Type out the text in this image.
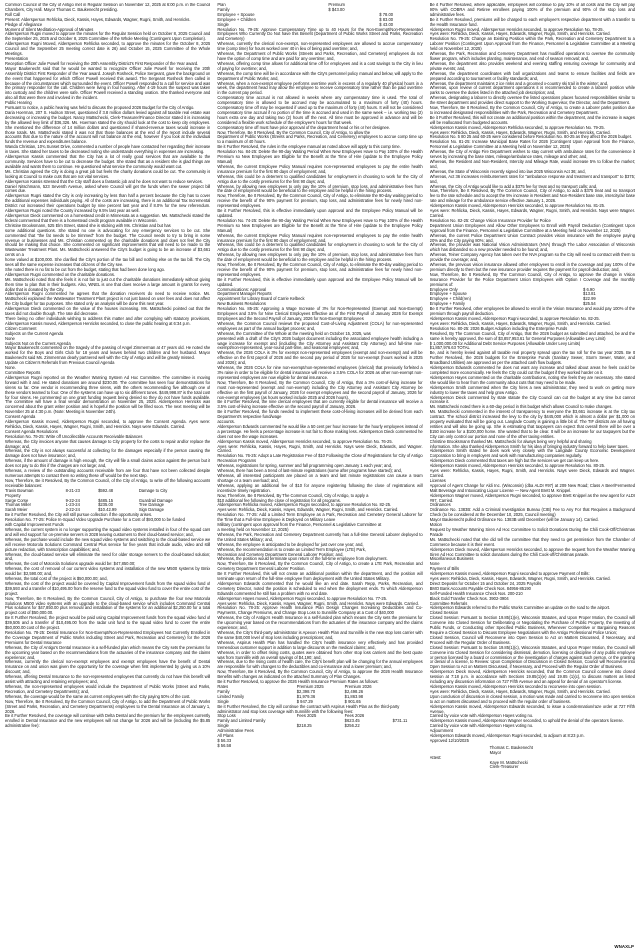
Common Council of the City of Antigo met in Regular Session on November 12, 2025 at 6:00 p.m. in the Council Chambers, City Hall. Mayor Thomas C. Baukenecht presiding.

Roll Call

Present: Aldersperson Rehlicka, Dieck, Kassis, Hayes, Edwards, Wagner, Rugni, Smith, and Henricks.

Pledge of Allegiance

Moment of Silent Meditation-Approval of Minutes

Aldersperson Rugni moved to approve the minutes for the Regular Session held on October 8, 2025 Council and the September 25, 2025 and October 8, 2025 Committee of the Whole Meeting (Contingent Upon Completion).

Aldersperson Rugni Moved, Aldersperson Rehlicka seconded, to approve the minutes for the October 8, 2025 Council and the September 25 meeting correct date is 26) and October 15, 2025 Committee of the Whole Meetings.

Presentation

Reception Officer Julie Powell for receiving the 20th Assembly District's First Responder of the Year award.

Mayor Baukenecht said that he would be wanted to recognize Officer Julie Powell for receiving the 20th Assembly District First Responder of the Year award. Joseph Rosheck, Police Sergeant, gave the background on the event that happened for which Officer Powell received this award. The Sergeant Rosheck then called in because of the circumstances which surrounded the event. Officer Powell responded to a call for service and was the primary responder for the call. Children were living in foul housing. After 4-19 hours the suspect was taken into custody and the children were safe. Officer Powell received a standing ovation. She thanked everyone and also all that were there and involved in the incident.

Public Hearing

Pursuant to notice, a public hearing was held to discuss the proposed 2026 Budget for the City of Antigo.

Daria Hoerman, 207 S. Hudson Street, questioned if 3.8 million dollars levied against all taxable real estate was decreasing or increasing the budget. Nancy Mattschecki, Clerk-Treasurer/Finance Director stated it is increasing by the allowed levy limit of $36,326. Ms. Hoerman stated the city should look at the cost to keep city employees. She mentioned the difference of 14 million dollars and questioned if shared-revenue taxes would increase in those totals. Ms. Mattschecki stated it was not that those balances at the end of the report include several accounts that due to the nature of the account will not balance at the end, however if you look at the individual funds the revenue and expenditures balance.

Wanda Christian, 10¾ Sunset Drive, commented a number of people have contacted her regarding their increase in taxes. She stated her taxes to be decreased noting she understands everything in expenses are increasing.

Aldersperson Kassis commented that the City has a lot of really good services that are available to the community. Services have to be cut to decrease the budget. She stated that as a resident she is glad things are available and wants them to continue. He questioned what service the community would want cut.

Ms. Christian agreed the City is doing a great job but feels the charity donations could be cut. The community is looking at Council to make cuts that are not vital services.

Aldersperson Kassis stressed that the City staff does a fantastic job and he does not want to reduce services.

Daniel Nitschmann, 523 Seventh Avenue, asked where Council will get the funds when the sewer project bill comes due.

Aldersperson Rugni stated the City is only increasing by less than half a percent because the City has to cover the additional expenses individuals paying. All of the costs are increasing, there is an additional Tax Incremental District not increased their operations budget by nine percent last year and if 8.0% for the new referendum. Aldersperson Rugni noted the County increased by 9.5% last year as well.

Aldersperson Dieck commented on a homestead credit in Minnesota as a suggestion. Ms. Mattschecki stated the federal commented that there is a homestead credit program available in Wisconsin.

Christine Brooksmann, 525 Elm Street, stated she is sticking with Ms. Christian and but has

some additional questions. She stated no one is advocating for any emergency services to be cut. She commented that "the fat needs to be trimmed" from the budget. The Council needs to try to bring in some revenue or businesses and Ms. Christian commented on the charitable donations and does not feel the City should be making that choice. She commented on significant improvements that will need to be made to the Wastewater Treatment Plant. Ms. Mattschecki answered the City's budget is going to be an increase of $3,661 cents on a

home valued at $100,000. She clarified the City's portion of the tax bill and nothing else on the tax bill. The City sees all the same expense increases that citizens of the City see.

She noted there is no fat to be cut from the budget, stating that had been done long ago.

Aldersperson Rugni commented on the charitable donations.

Ms. Mattschecki noted that she feels it is not fair to just cut the charitable donations immediately without giving them time to plan that in their budgets. Also, WNEL is one that does receive a large amount in grants for every dollar that is donated by the City.

Aldersperson Rugni commented he agrees that the donation receivers do need to receive notice. Ms. Mattschecki explained the Wastewater Treatment Plant project is not just based on user fees and does not affect the City budget for tax purposes. She stated only an analysis will be done this next year.

Aldersperson Dieck commented on the value of the houses increasing. Ms. Mattschecki pointed out that the taxes did not double though. The rate did decrease.

There being no other individuals wishing to address this matter and after complying with statutory provisions, Aldersperson Kassis moved, Aldersperson Henricks seconded, to close the public hearing at 6:34 p.m.

Citizen Comment

Subjects on the Current Agenda

None

Subjects Not on the Current Agenda

Mayor Baukenecht commented on the tragedy of the passing of Angel Zimmerman at 47 years old. He noted she worked for the Boys and Girls Club for 18 years and leaves behind two children and her husband. Mayor Baukenecht said Ms. Zimmerman dearly partnered well with the City of Antigo and will be greatly missed.

Update on Citizen's Referrals from Previous Council Agenda

None.

Committee Reports

Aldersperson Rugni reported on the Weather Warning System Ad Hoc Committee. The committee is moving forward with it and. He stated donations are around $230.00. The committee has seen four demonstrations for sirens so far. One vendor is recommending three sirens, with the others recommending five although one of these vendors teamed to four. One of the systems can have up to six different tones. $449,998.87 is the total cost for four sirens. He commented on one grant funding request being denied so they do not have funds available. The committee will have a final vendor demonstration on November 25, 2025. Aldersperson Henricks was concerned about the grant writer position and is hopeful the position will be filled soon. The next meeting will be November 25 at 4:30 p.m. (Note: Meeting is November 24th).

Consent Agenda

Aldersperson Kassis moved, Aldersperson Rugni seconded, to approve the Consent Agenda. Ayes were: Rehlicka, Dieck, Kassis, Hayes, Wagner, Rugni, Smith, and Henricks. Nays were Edwards. Carried.

Consent Agenda Resolutions

Resolution No. 79-25: Write off Uncollectible Accounts Receivable Balances

Whereas, the City invoices anyone that causes damage to City property for the costs to repair and/or replace the damage; and,

Whereas, the City is not always successful at collecting for the damages especially if the person causing the damage does not have insurance; and,

Whereas, if the amount of damage is high enough, the City will file a small claims action against the person but it does not pay to do this if the charges are not large; and,

Whereas, a review of the outstanding accounts receivable from are four that have not been collected despite numerous attempts to contact them so writing these off would be the next step.

Now, Therefore, Be it Resolved, By the Common Council, of the City of Antigo, to write off the following accounts receivable balances:

Travis Bowman	8-21-23	$592.48	Damage to City
Property			
Sarge Corse	9-22-24	$485.15	Guardrail Damage
Thomas Miller	1-23-24	$235.00	Tree Damage
Sarah Meier	2-22-24	$10.42.99	Sign Damage

Be it Further Resolved, the City will still pursue collection if the opportunity arises.

Resolution No. 77-25: Police In-Squad Video Upgrade Purchase for a Cost of $93,000 to be funded

with Capital Improvement Funds

Whereas, the current system is no longer supporting the squad video systems installed in four of the squad cars and will end support for on-premise servers in 2028 leaving customers to their cloud-based service; and,

Whereas, the purchase would include the new squad video systems and switching to the cloud-based service we will receive Motorola Solutions Command Central Plus service for five years that include audio, video and still picture redaction, with transcription capabilities; and,

Whereas, the cloud-based service will eliminate the need for older storage servers to the cloud-based solution; and,

Whereas, the cost of Motorola Solutions upgrade would be: $47,850.00;

Whereas, the cost of removal of our current video systems and installation of the new M500 systems by Bmix would be: $2,590.00; and,

Whereas, the total cost of the project is $50,000.00; and,

Whereas, the cost of the project would be covered by Capital Improvement funds from the squad video fund of $39,593 and a transfer of $10,495.00 from the reserve fund to the squad video fund to cover the entire cost of the project.

Now, Therefore, Be It Resolved, By the Common Council, City of Antigo, to purchase the four new Motorola Solutions M500 video systems with an upgrade to the cloud-based service which includes Command Central Plus solutions for $47,850.00 plus removal and installation of the systems for an additional $2,250.00 for a total project cost of $50,000.00.

Be It Further Resolved, the project would be paid using Capital Improvement funds from the squad video fund of $39,505 and a transfer of $10,495.00 from the radar unit fund to the squad video fund to cover the entire $50,000.00 cost of the project.

Resolution No. 78-25: Dental Insurance for Non-Exempt/Non-Represented Employees Not Currently Enrolled in the Coverage Department of Public Works including Street and Park, Recreation and Cemetery) for the 2026 Premiums for Dental Insurance

Whereas, the City of Antigo's Dental Insurance is a self-funded plan which means the City sets the premiums for the upcoming year based on the recommendations from the actuaries of the insurance company and the claims experience; and,

Whereas, currently the clerical non-exempt employees and exempt employees have the benefit of Dental Insurance on and union was given the opportunity for the coverage when first implemented by giving us a 10% discount; and,

Whereas, offering Dental Insurance to the non-represented employees that currently do not have this benefit will assist with attracting and retaining employees; and,

Whereas, the non-represented employees would include the Department of Public Works (Street and Parks, Recreation, and Cemetery Departments); and,

Whereas, the coverage would be the same as current employees with the City paying 50% of the cost.

Now, Therefore, Be It Resolved, By the Common Council, City of Antigo, to add the Department of Public Works (Street and Parks, Recreation, and Cemetery Departments) employees to the Dental Insurance as of January 1, 2026.

Be it Further Resolved, the coverage will continue with Delta Dental and the premium for the employees currently enrolled in Dental Insurance and the new employees will not change for 2026 and will be (including the $5.85 administrative fee):

Plan	Premium	
Family	$ $43.00	
Employee + Spouse		$ 78.00
Employee + Children		$ 83.00
Single		$ 43.00

Resolution No. 79-25: Approve Compensatory Time up to 40 Hours for the Non-Exempt/Non-Represented Employees Who Currently Do Not have this Benefit (Department of Public Works Street and Parks, Recreation and Cemetery)

Whereas, currently the clerical non-exempt, non-represented employees are allowed to accrue compensatory time (comp time) for hours worked over 40 in lieu of being paid overtime; and,

Whereas, the Department of Public Works (Streets and Parks, Recreation, and Cemetery) employees do not have the option of comp time and are paid for any overtime; and,

Whereas, offering comp time allows for additional time off for employees and is a cost savings to the City in lieu of paying for overtime; and,

Whereas, the comp time will be in accordance with the City's personnel policy manual and below, will apply to the Department of Public Works; and,

Whereas, when a non-exempt employee performs overtime work in excess of a regularly 40 physical hours in a week, the department head may allow the employee to receive compensatory time rather than be paid overtime in the current pay period.

Compensatory time accrual is not allowed in weeks where any compensatory time is used. The total of compensatory time is allowed to be accrued may be accumulated to a maximum of forty (40) hours. Compensatory time off may be requested if used up to the maximum of forty (40) hours. It will not be considered compensatory time accrual if no portion of the time is accrued and used in the same week – i.e. working two (2) hours extra one day and taking two (2) hours off the next. All time must be approved in advance and will be considered a flexible work schedule of the employee's hours for that week.

Compensatory time off must have prior approval of the department head or his or her designee.

Now, Therefore, Be It Resolved, By the Common Council, City of Antigo, to allow the

Department of Public Works (Streets and Parks, Recreation, and Cemetery) employees to accrue comp time up to a maximum of 40 hours.

Be it Further Resolved, the rules in the employee manual as noted above will apply to this comp time.

Resolution No. 84-25: Delete the 90-day Waiting Period When New Employees Have to Pay 100% of the Health Premium so New Employees are Eligible for the Benefit at the Time of Hire (update to the Employee Policy Manual)

Whereas, the current Employee Policy Manual requires non-represented employees to pay the entire health insurance premium for the first 90 days of employment; and,

Whereas, this could be a deterrent to qualified candidates for employment in choosing to work for the City of Antigo due to the costly premiums for the first 90 days; and,

Whereas, by allowing new employees to only pay the 10% of premium, stop loss, and administrative fees from the date of employment would be beneficial to the employee and be helpful in the hiring process.

Now, Therefore, Be It Resolved, By the Common Council, City of Antigo, to eliminate the 90-day waiting period to receive the benefit of the 90% payment for premium, stop loss, and administrative fees for newly hired non-represented employees.

Be it Further Resolved, this is effective immediately upon approval and the Employee Policy Manual will be updated.

Resolution No. 74-25: Delete the 90-day Waiting Period When New Employees Have to Pay 100% of the Health Premium so New Employees are Eligible for the Benefit at the Time of Hire (update to the Employee Policy Manual)

Whereas, the current Employee Policy Manual requires non-represented employees to pay the entire health insurance premium for the first 90 days of employment; and,

Whereas, this could be a deterrent to qualified candidates for employment in choosing to work for the City of Antigo due to the costly premiums for the first 90 days; and,

Whereas, by allowing new employees to only pay the 10% of premium, stop loss, and administrative fees from the date of employment would be beneficial to the employee and be helpful in the hiring process.

Now, Therefore, Be It Resolved, By the Common Council, City of Antigo, to eliminate the 90-day waiting period to receive the benefit of the 90% payment for premium, stop loss, and administrative fees for newly hired non-represented employees.

Be it Further Resolved, this is effective immediately upon approval and the Employee Policy Manual will be updated.

Communications: Approval

Department Manager Reports

Appointment for Library Board of Carrie Kelbeck

New Business Resolutions

Resolution No. 85-25: Approving a Wage Increase of 3% for Non-Represented (Exempt and Non-Exempt) Employees and 3.5% for Nine Clerical Employees Effective as of the First Payroll of January 2026 for Exempt Employees and the Second Payroll of January, 2026 for Non-Exempt Employees

Whereas, the Common Council reviews the proposed Cost-of-Living Adjustment (COLA) for non-represented employees as part of the annual budget process; and,

Whereas, the Committee of the Whole at the meeting held on October 15, 2025, was

presented with a draft of the City's 2026 budget document including the associated employee health including a wage increase for exempt and (including the City Attorney and Assistant City Attorney) and full-time non-exempt/non-represented, year-round part-time, and seasonal employees; and,

Whereas, the 2026 COLA is 3% for exempt non-represented employees (exempt and non-exempt) and will be effective on the first payroll of 2026 and the second pay period of 2026 for non-exempt (hours worked in 2025 and 2026); and,

Whereas, the 2026 COLA for nine non-exempt/non-represented employees (clerical) that previously forfeited a 3% raise in order to be eligible for dental insurance will receive a 3.5% COLA for 2026 as other non-exempt non-represented employees are now eligible for dental insurance.

Now, Therefore, Be It Resolved, By the Common Council, City of Antigo, that a 3% cost-of-living increase for most non-represented (exempt and non-exempt) including the City Attorney and Assistant City Attorney be effective on the first payroll of January, 2026 for exempt employees and the second payroll of January, 2026 for non-exempt employees (as hours worked include 2025 and 2026 hours).

Be it Further Resolved, the nine clerical employees that are currently eligible for dental insurance will receive a 3.5% cost-of-living increase effective on the second payroll of January, 2026.

Be it Further Resolved, the funds needed to implement these cost-of-living increases will be derived from each Department's respective fund/wage

accounts.

Aldersperson Edwards commented he would like a 50 cent per hour increase for the hourly employees instead of a percentage. He feels a percentage increase is not fair to those making less. Aldersperson Dieck commented he does not see the wage increases.

Aldersperson Kassis moved, Aldersperson Henricks seconded, to approve Resolution No. 76-25.

Ayes were: Rehlicka, Kassis, Hayes, Rugni, Smith, and Henricks. Nays were Dieck, Edwards, and Wagner. Carried.

Resolution No. 76-25: Adopt a Late Registration Fee of $10 Following the Close of Registrations for City of Antigo Recreation Programs

Whereas, registrations for spring, summer and fall programming open January 1 each year; and,

Whereas, there has been a trend of last-minute registrations (some after programs have started); and,

Whereas, all interested participants are placed on a team and last minute registrations can cause a team shortage or a team overload; and,

Whereas, applying an additional fee of $10 for anyone registering following the close of registrations will incentivize timely registration.

Now, Therefore, Be It Resolved, By The Common Council, City of Antigo, to apply a

$10 additional fee following the close of registration for all programs.

Aldersperson Rehlicka moved, Aldersperson Rugni seconded, to approve Resolution No. 82-25.

Ayes were: Rehlicka, Dieck, Kassis, Hayes, Edwards, Wagner, Rugni, Smith, and Henricks. Carried.

Resolution No. 77-25: Add a Limited Term Employee as a Park, Recreation and Cemetery General Laborer for the Time that a Full-time Employee is Deployed on Military Leave

Military (contingent upon approval from the Finance, Personnel & Legislative Committee at

a meeting held on November 12, 2025)

Whereas, the Park, Recreation and Cemetery Department currently has a full-time General Laborer deployed to the United States Military; and,

Whereas, the employee is anticipated to be deployed for just over one year; and,

Whereas, the recommendation is to create an Limited Term Employee (LTE) Park,

Recreation and Cemetery Department General Laborer Position; and,

Whereas, the position would terminate upon return of the full-time employee from deployment.

Now, Therefore, Be it Resolved, By the Common Council, City of Antigo, to create a LTE Park, Recreation and Cemetery Department General Laborer Position.

Be It Further Resolved, this will not create an additional position within the department, and the position will terminate upon return of the full-time employee from deployment with the United States Military.

Aldersperson Edwards commented that he would like an end date. Sarah Repp, Parks, Recreation, and Cemetery Director, noted the position is scheduled to end when the deployment ends. To which Aldersperson Edwards commented he still has a problem with no end date.

Aldersperson Hayes moved, Aldersperson Rugni seconded, to approve Resolution No. 77-25.

Ayes were: Rehlicka, Dieck, Kassis, Hayes, Wagner, Rugni, Smith, and Henricks. Nays were Edwards. Carried.

Resolution No. 78-25: Approve Health Insurance Plan Design Changes Increasing Deductibles and Co-Payments, Change Premiums, and Change Stop Loss to Sunnilife Company at a Cost of $40,000

Whereas, the City of Antigo's Health Insurance is a self-funded plan which means the City sets the premiums for the upcoming year based on the recommendations from the actuaries of the insurance company and the claims experience; and,

Whereas, the City's third-party administrator is Apexon Health Plan and Sunnilife is the new stop loss carrier with the same $40,000 level of stop loss including prescriptions; and,

Whereas, Aspirus Health Plan has handled the City's health insurance very effectively and has provided tremendous customer support in addition to large discounts on the medical claims; and,

Whereas, in order to offset rising costs, quotes were obtained from other stop loss carriers and the best quote was from Sunnilife with an overall savings of $4,190; and,

Whereas, due to the rising costs of health care, the City's benefit plan will be changing for the annual employees are responsible for with changes to the deductibles and co-insurance and a lower premium; and,

Now, Therefore, Be it Resolved, By the Common Council, City of Antigo, to approve the 2026 Health Insurance Benefits with changes as indicated on the attached Summary of Plan Changes.

Be it Further Resolved, to approve the 2026 Health Insurance Premium Rates as follows:

Rates	Premium 2025	Premium 2026	
Family	$2,398.70	$2,498.26	
Limited Family	$1,979.36	$1,863.98	
Single	$ 947.29	$ 901.65	
Be it Further Resolved, the City will continue the contract with Aspirus Health Plan as the third-party administrator and stop loss coverage with Sunnilife with the following fees:			
Stop Loss	Fees 2025	Fees 2026	
Family and Limited Family		$623.45	$731.11
Single	$218.25	$256.22	
Administrative Fees			
All Plans			
$ 56.33			
$ 56.58			

Be it Further Resolved, where applicable, employees will continue to pay 10% of all costs and the City will pay 90% with COBRA and Retiree enrollees paying 100% of the premium and 90% of the stop loss and administrative fees.

Be it Further Resolved, premiums will be charged to each employee's respective department with a transfer to the Health Insurance fund.

Aldersperson Rugni moved, Aldersperson Henricks seconded, to approve Resolution No. 78-25.

Ayes were: Rehlicka, Dieck, Kassis, Hayes, Edwards, Wagner, Rugni, Smith, and Henricks. Carried.

Resolution No. 79-25: Change an Existing Position within the Park, Recreation and Cemetery Department to a Laborer Position (Contingent Upon Approval from the Finance, Personnel & Legislative Committee at a Meeting held on November 12, 2025)

Whereas, the Park, Recreation and Cemetery Department has modified operations to oversee the community flower program, which includes planting, maintenance, and end of season removal; and,

Whereas, the department also provides weekend and evening staffing ensuring coverage for community and private events; and,

Whereas, the department coordinates with ball organizations and teams to ensure facilities and fields are prepared according to tournament or facility standards; and,

Whereas, the department maintains 2 ice rinks and a groomed x-country ski trail in the winter; and,

Whereas, upon review of current department operations it is recommended to create a laborer position while parks to oversee the duties listed in the attached job description; and,

Whereas, designating a laborer to directly oversee the listed operations places focused responsibilities similar to the street department and provides direct support to the Working Supervisor, the Director, and the Department.

Now, Therefore, Be It Resolved, By the Common Council, City of Antigo, to create a Laborer parks position due to increased designated responsibilities with the Park, Recreation and Cemetery Department.

Be it Further Resolved, this will not create an additional position within the department, and the increase in wages will be reallocated from budgeted accounts.

Aldersperson Kassis moved, Aldersperson Rehlicka seconded, to approve Resolution No. 79-25.

Ayes were: Rehlicka, Dieck, Kassis, Hayes, Edwards, Wagner, Rugni, Smith, and Henricks. Carried.

Resolution No. 5 80 25 and 60-25 were considered before Resolution No. 80-25 as they affect the 2026 budget.

Resolution No. 81-25: Increase Municipal Base Rates for 2026 (Contingent Upon Approval from the Finance, Personnel & Legislative Committee at a Meeting held on November 12, 2025)

Whereas, the City of Antigo Fire Department wishes to stay current with ambulance rates for the convenience it serves by increasing the base rates, mileage/ambulance rates, mileage and other; and,

Whereas, the Resident and Non-Resident, Intercity and Mileage Rate, would increase 5% to follow the market; and,

Whereas, the State of Wisconsin recently signed into law 2025 Wisconsin Act 36; and,

Whereas, Act 36 increases reimbursement rates for "ambulance response and treatment and transport" to $375; and,

Whereas, the City of Antigo would like to add a $375 fee for treat and no transport calls; and,

Now, Therefore, Be It Resolved, By The Common Council, City of Antigo, to add a $375 treat and no transport fee to the rate schedule and to accept the 5% increase in Resident and Non-Resident base rate, intercity/air base rate and mileage for the ambulance service effective January 1, 2026.

Aldersperson Kassis moved, Aldersperson Henricks seconded, to approve Resolution No. 81-25.

Ayes were: Rehlicka, Dieck, Kassis, Hayes, Edwards, Wagner, Rugni, Smith, and Henricks. Nays were Wagner. Carried.

Resolution No. 82-25: Change Vision Insurance Provider for Police

Department Union Employees and Allow Other Employees to Enroll with Payroll Deduction (Contingent Upon Approval from the Finance, Personnel & Legislative Committee at a Meeting held on November 12, 2025)

Whereas, the current Police Department Union Contract provides vision insurance with the employee paying 20% and the City paying 80%; and,

Whereas, the provider was National Vision Administrators (NVA) through The Labor Association of Wisconsin which has disbanded so a new provider needed to be found; and,

Whereas, Teiner Company Agency has taken over the NVA program so the City will need to contract with them to provide the coverage; and,

Whereas, the previous vision insurance allowed other employees to enroll in the coverage and pay 100% of the premium directly to them but the new insurance provider requires the payment for payroll deduction; and,

Now, Therefore, Be It Resolved, By The Common Council, City of Antigo, to approve the change in Vision Insurance Provider for the Police Department Union Employees with Option I Coverage and the monthly premiums of:

Employee Only	$ 6.90
Employee + Spouse	$13.81
Employee + Child(ren)	$22.99
Employee + Family	$25.54

Be It Further Resolved, other employees be allowed to enroll in the Vision Insurance and would pay 100% of the premium through payroll deduction.

Aldersperson Kassis moved, Aldersperson Rugni seconded, to approve Resolution No. 82-25.

Ayes were: Rehlicka, Dieck, Kassis, Hayes, Edwards, Wagner, Rugni, Smith, and Henricks. Carried.

Resolution No. 80-25: 2026 Budget Adoption including the Enterprise Funds

Resolved, By The Common Council, City of Antigo, that the 2026 budget as submitted and attached, be and the same is hereby approved, the sum of $3,857,953.61 for General Purposes (Allowable Levy Limit)

$ 1,000,000.00 for Additional Debt Service Purposes (Allowable Under Levy Limits)

$1,857,976.63 TOTAL

Be, and is hereby levied against all taxable real property spread upon the tax roll for the tax year 2025. Be It Further Resolved, the 2026 budgets for the Enterprise Funds (Sanitary Sewer, Storm Sewer, Water, and Broadband Utilities) are approved as per the attached cash flow budgets.

Aldersperson Edwards commented he does not want any increase and talked about areas he feels could be completed more economically. He feels the City could cut the budget if they worked harder on it.

Aldersperson Hayes commented on the charitable contributions, noting she feels they are necessary. She stated she would like to hear from the community about cuts that may need to be made.

Aldersperson Smith commented when the City hires a new administrator, they need to work on getting more industry to lower the taxes and help grow Antigo.

Aldersperson Dieck commented by state statute the City Council can cut the budget at any time but cannot increase it.

Ms. Mattschecki noted there is a 60-day period in this budget which allows Council to make changes.

Ms. Mattschecki commented in the interest of transparency to everyone the $3,661 increase is at the City tax contract. The school district increased the levy to the city by $445,000 which is almost a dollar per $1,000 on property evaluated that will be going out. Langlade County is gaining a little bit of. The TIF districts are all having entities and will also be going up. She is estimating that taxpayers can expect that overall there will be over a $150 increase for a $100,000 home. She wanted that to be clear. It will be an increase for our taxpayers but the City can only control our portion and none of the other taxing entities.

Christine Brooksmann thanked Ms. Mattschecki for always being very helpful and sharing

information. She also thanked Aldersperson Smith for his idea of bringing industry forward to help lower taxes.

Aldersperson Smith stated he does work very closely with the Langlade County Economic Development Corporation to bring in employers and work with manufacturing companies regularly.

Aldersperson Dieck commented that taxes are high but the services we get can keep us here.

Aldersperson Kassis moved, Aldersperson Henricks seconded, to approve Resolution No. 80-25.

Ayes were: Rehlicka, Kassis, Hayes, Rugni, Smith, and Henricks. Nays were Dieck, Edwards and Wagner. Carried.

Licenses

Approval of Agent Change for Aldi Inc. (Wisconsin) (dba ALDI #97) at 209 New Road; Class A Beer/Fermented Malt Beverage and Intoxicating Liquor License — New Agent Brett M. Knippel.

Aldersperson Wagner moved, Aldersperson Rugni seconded, to approve Brett Knippel as the new agent for ALDI #97. Carried.

Ordinances

Ordinance No. 1383B: Add a Criminal Investigation Bureau (CIB) Fee to Any For that Requires a Background Check (to be considered at the December 10, 2025, Council meeting)

Mayor Baukenecht pulled Ordinance No. 1383B until December (will be January 14). Carried.

Motion

Request by Weather Warning Siren Ad Hoc Committee to Solicit Donations During the Chili Cook-Off/Christmas Parade

Ms. Mattschecki noted that she did tell the committee that they need to get permission from the Chamber of Commerce because it is their event.

Aldersperson Dieck moved, Aldersperson Henricks seconded, to approve the request from the Weather Warning Siren Ad Hoc Committee to solicit donations during the Chili Cook-off/Christmas parade.

Miscellaneous Business

None

Payment of Bills

Aldersperson Kassis moved, Aldersperson Rugni seconded to approve Payment of Bills:

Ayes were: Rehlicka, Dieck, Kassis, Hayes, Edwards, Wagner, Rugni, Smith, and Henricks. Carried.

Direct Deposits for October 15 and October 24, 2025 Payrolls

BMO Bank Accounts Payable Check Nos. 84956-85190

Self-Funded Health Insurance Check Nos. 200-210

Black Gold Transfer Check Nos. 3902-3904

Committee Referrals

Aldersperson Edwards referred to the Public Works Committee an update on the road to the airport.

Closed Session

Closed Session: Pursuant to Section 19.85(1)(e), Wisconsin Statutes, and Upon Proper Motion, the Council will Convene into Closed Session for Deliberating or Negotiating the Purchase of Public Property, the Investing of Public Funds, or Conducting other Specified Public Business, Whenever Competitive or Bargaining Reasons Require a Closed Session to Discuss Employee Negotiations with the Antigo Professional Police Union;

Closed Session, Council will Reconvene into Open Session to Act on Matters Discussed, if Necessary, and Proceed with the Regular Order of Business.

Closed Session: Pursuant to Section 19.85(1)(c), Wisconsin Statutes, and Upon Proper Motion, the Council will Convene into Closed Session for considering dismissal, demotion, licensing or discipline of any public employee or person licensed by a board or commission or the investigation of charges against such person, or the granting or denial of a license, to Review: Upon Completion of Discussion in Closed Session, Council will Reconvene into Open Session to Act on Matters Discussed, if Necessary, and Proceed with the Regular Order of Business.

Aldersperson Dieck moved, Aldersperson Henricks seconded, that the Common Council convene into closed session at 7:18 p.m. in accordance with Sections 19.85(1)(e) and 19.85 (1)(c), to discuss matters as listed including any discussion information on 727 Fifth Avenue and an appeal for denial of an operator's license.

Aldersperson Kassis moved, Aldersperson Henricks seconded to reconvene into open session.

Ayes were: Rehlicka, Dieck, Kassis, Hayes, Edwards, Wagner, Rugni, Smith, and Henricks. Carried.

Upon conclusion of discussion in closed session, a motion was made and carried to reconvene into open session to act on matters discussed and to proceed with the regular order of business.

Aldersperson Kassis moved, Aldersperson Edwards seconded, to issue a condemnation/raze order at 727 Fifth Avenue.

Carried by voice vote with Aldersperson Hayes voting no.

Aldersperson Kassis moved, Aldersperson Wagner seconded, to uphold the denial of the operators license.

Carried by voice vote with Aldersperson Hayes voting no.

Adjournment

Aldersperson Edwards moved, Aldersperson Rugni seconded, to adjourn at 8:23 p.m.

Approved 12/10/2025

Thomas C. Baukenecht
Mayor
Attest:
Kaye M. Mattschecki
Clerk-Treasurer
WNAXLP
